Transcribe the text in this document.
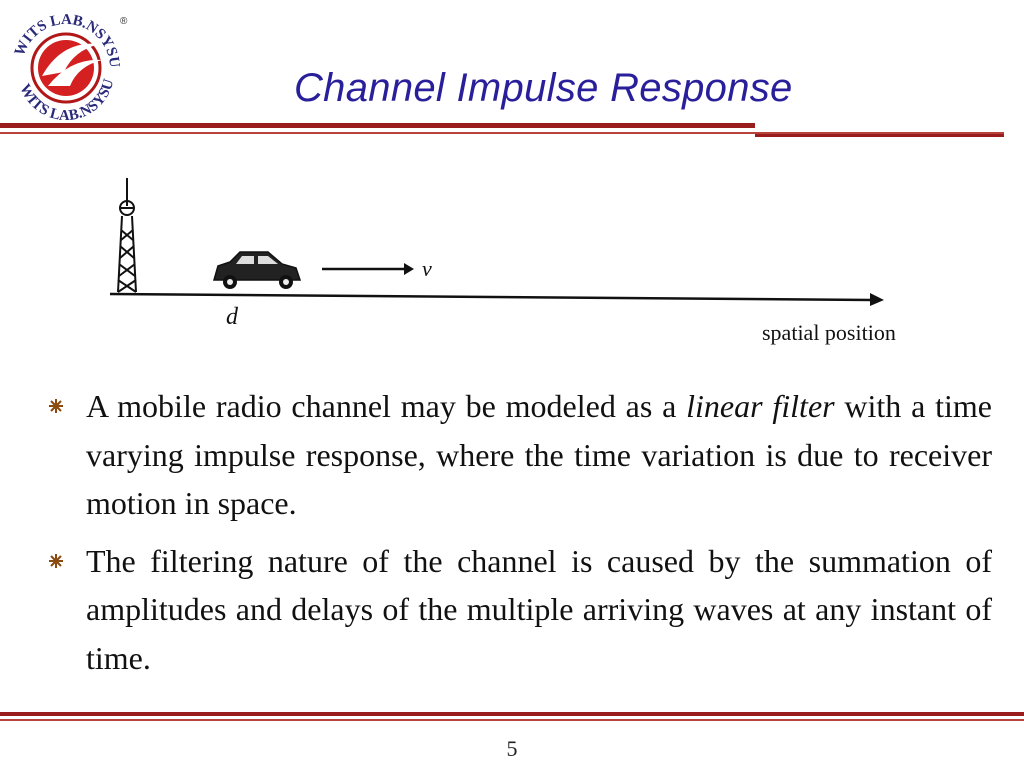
WITS LAB.NSYSU
WITS LAB.NSYSU
®
Channel Impulse Response
v
d
spatial position
A mobile radio channel may be modeled as a linear filter with a time varying impulse response, where the time variation is due to receiver motion in space.
The filtering nature of the channel is caused by the summation of amplitudes and delays of the multiple arriving waves at any instant of time.
5
